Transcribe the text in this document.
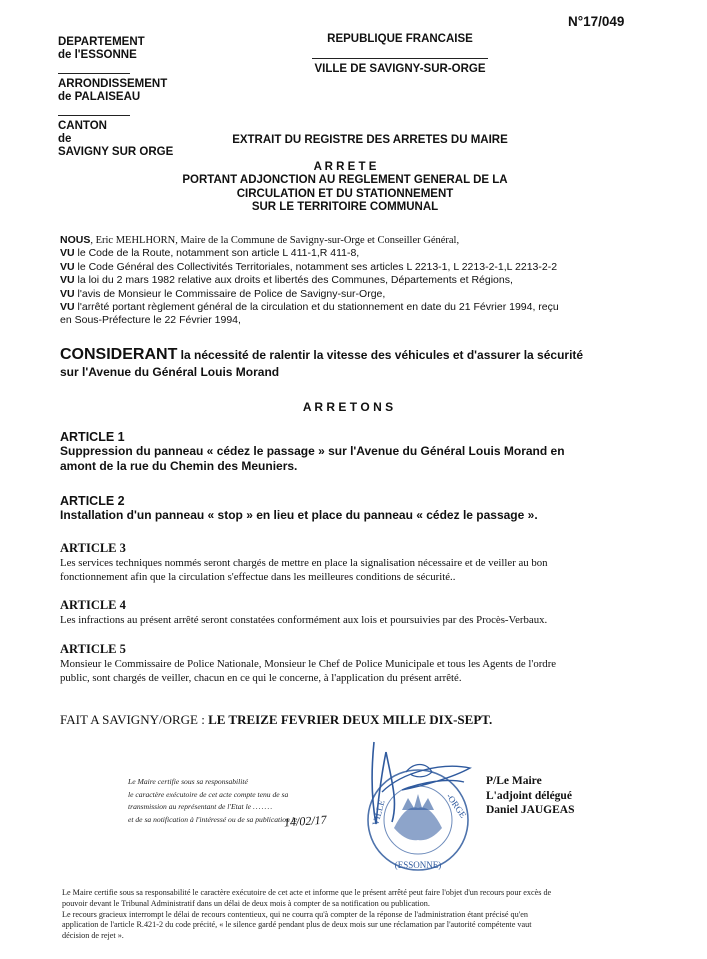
N°17/049
DEPARTEMENT
de l'ESSONNE
ARRONDISSEMENT
de PALAISEAU
CANTON
de
SAVIGNY SUR ORGE
REPUBLIQUE FRANCAISE
VILLE DE SAVIGNY-SUR-ORGE
EXTRAIT DU REGISTRE DES ARRETES DU MAIRE
A R R E T E
PORTANT ADJONCTION AU REGLEMENT GENERAL DE LA
CIRCULATION ET DU STATIONNEMENT
SUR LE TERRITOIRE COMMUNAL
NOUS, Eric MEHLHORN, Maire de la Commune de Savigny-sur-Orge et Conseiller Général,
VU le Code de la Route, notamment son article L 411-1,R 411-8,
VU le Code Général des Collectivités Territoriales, notamment ses articles L 2213-1, L 2213-2-1,L 2213-2-2
VU la loi du 2 mars 1982 relative aux droits et libertés des Communes, Départements et Régions,
VU l'avis de Monsieur le Commissaire de Police de Savigny-sur-Orge,
VU l'arrêté portant règlement général de la circulation et du stationnement en date du 21 Février 1994, reçu
en Sous-Préfecture le 22 Février 1994,
CONSIDERANT la nécessité de ralentir la vitesse des véhicules et d'assurer la sécurité
sur l'Avenue du Général Louis Morand
A R R E T O N S
ARTICLE 1
Suppression du panneau « cédez le passage » sur l'Avenue du Général Louis Morand en
amont de la rue du Chemin des Meuniers.
ARTICLE 2
Installation d'un panneau « stop » en lieu et place du panneau « cédez le passage ».
ARTICLE 3
Les services techniques nommés seront chargés de mettre en place la signalisation nécessaire et de veiller au bon
fonctionnement afin que la circulation s'effectue dans les meilleures conditions de sécurité..
ARTICLE 4
Les infractions au présent arrêté seront constatées conformément aux lois et poursuivies par des Procès-Verbaux.
ARTICLE 5
Monsieur le Commissaire de Police Nationale, Monsieur le Chef de Police Municipale et tous les Agents de l'ordre
public, sont chargés de veiller, chacun en ce qui le concerne, à l'application du présent arrêté.
FAIT A SAVIGNY/ORGE : LE TREIZE FEVRIER DEUX MILLE DIX-SEPT.
Le Maire certifie sous sa responsabilité
le caractère exécutoire de cet acte compte tenu de sa
transmission au représentant de l'Etat le .......
et de sa notification à l'intéressé ou de sa publication le
14/02/17	VILLE	-ORGE
(ESSONNE)
P/Le Maire
L'adjoint délégué
Daniel JAUGEAS
Le Maire certifie sous sa responsabilité le caractère exécutoire de cet acte et informe que le présent arrêté peut faire l'objet d'un recours pour excès de
pouvoir devant le Tribunal Administratif dans un délai de deux mois à compter de sa notification ou publication.
Le recours gracieux interrompt le délai de recours contentieux, qui ne courra qu'à compter de la réponse de l'administration étant précisé qu'en
application de l'article R.421-2 du code précité, « le silence gardé pendant plus de deux mois sur une réclamation par l'autorité compétente vaut
décision de rejet ».
